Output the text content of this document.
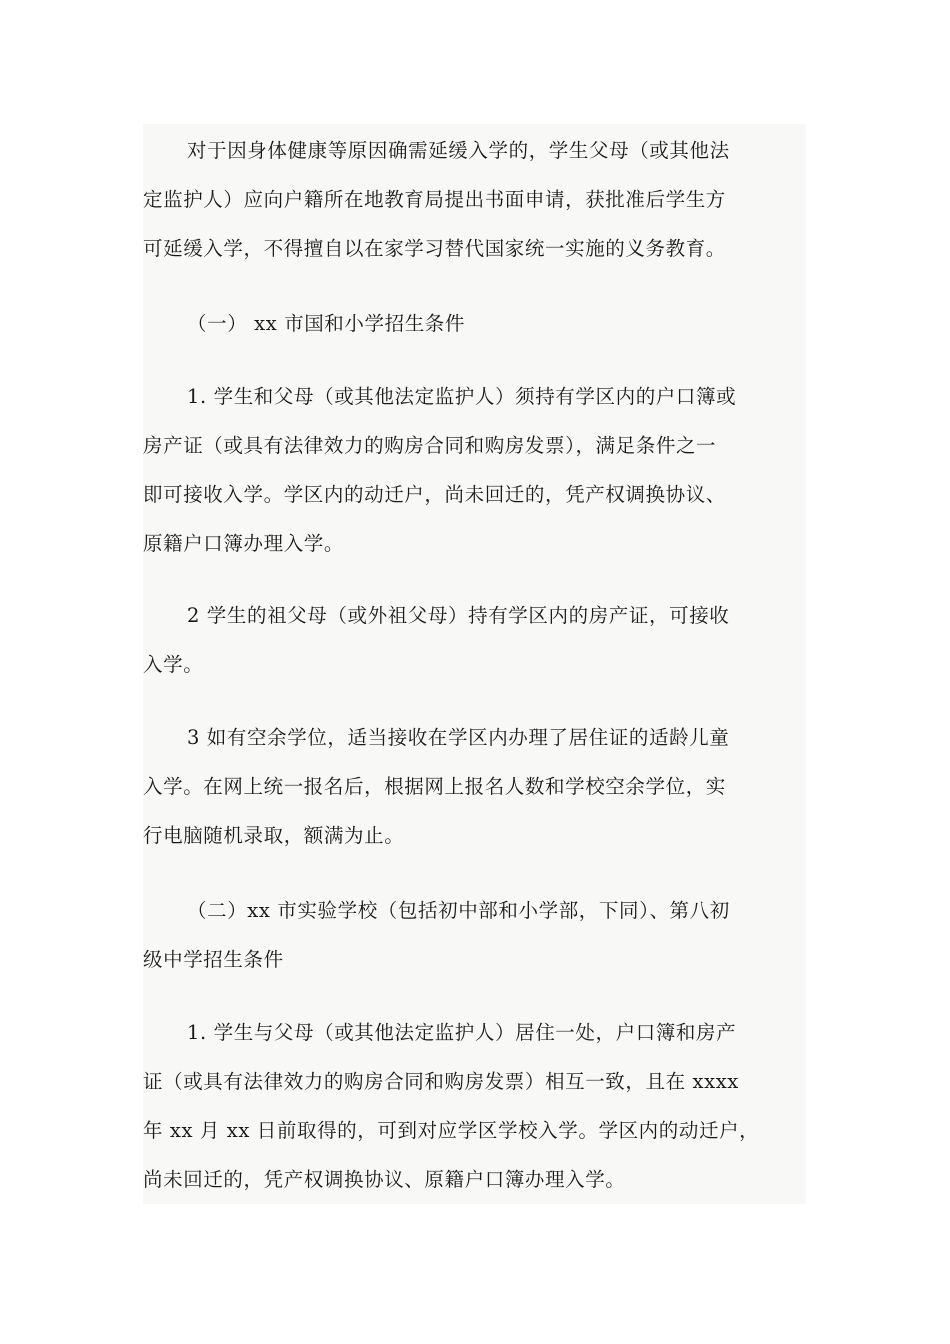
对于因身体健康等原因确需延缓入学的，学生父母（或其他法
定监护人）应向户籍所在地教育局提出书面申请，获批准后学生方
可延缓入学，不得擅自以在家学习替代国家统一实施的义务教育。
（一） xx 市国和小学招生条件
1. 学生和父母（或其他法定监护人）须持有学区内的户口簿或
房产证（或具有法律效力的购房合同和购房发票），满足条件之一
即可接收入学。学区内的动迁户，尚未回迁的，凭产权调换协议、
原籍户口簿办理入学。
2 学生的祖父母（或外祖父母）持有学区内的房产证，可接收
入学。
3 如有空余学位，适当接收在学区内办理了居住证的适龄儿童
入学。在网上统一报名后，根据网上报名人数和学校空余学位，实
行电脑随机录取，额满为止。
（二）xx 市实验学校（包括初中部和小学部，下同）、第八初
级中学招生条件
1. 学生与父母（或其他法定监护人）居住一处，户口簿和房产
证（或具有法律效力的购房合同和购房发票）相互一致，且在 xxxx
年 xx 月 xx 日前取得的，可到对应学区学校入学。学区内的动迁户，
尚未回迁的，凭产权调换协议、原籍户口簿办理入学。
